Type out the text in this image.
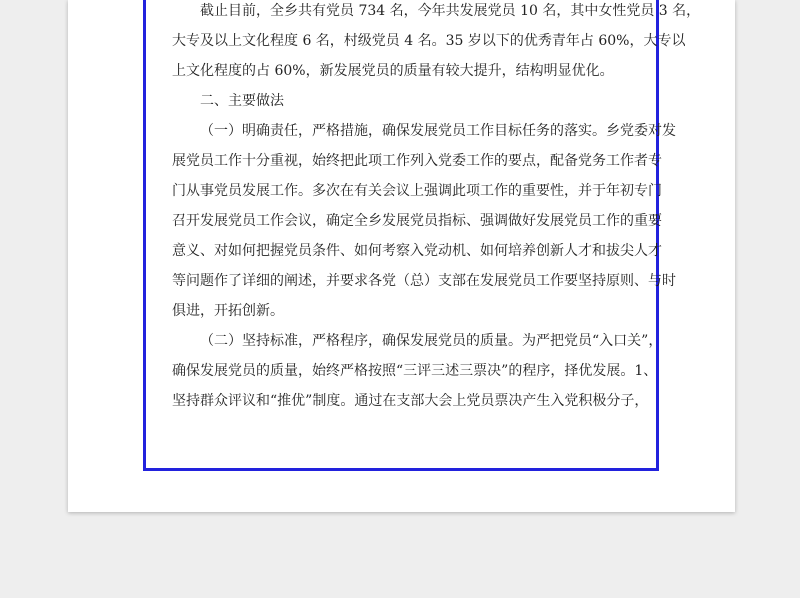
截止目前，全乡共有党员 734 名，今年共发展党员 10 名，其中女性党员 3 名，
大专及以上文化程度 6 名，村级党员 4 名。35 岁以下的优秀青年占 60%，大专以
上文化程度的占 60%，新发展党员的质量有较大提升，结构明显优化。
二、主要做法
（一）明确责任，严格措施，确保发展党员工作目标任务的落实。乡党委对发
展党员工作十分重视，始终把此项工作列入党委工作的要点，配备党务工作者专
门从事党员发展工作。多次在有关会议上强调此项工作的重要性，并于年初专门
召开发展党员工作会议，确定全乡发展党员指标、强调做好发展党员工作的重要
意义、对如何把握党员条件、如何考察入党动机、如何培养创新人才和拔尖人才
等问题作了详细的阐述，并要求各党（总）支部在发展党员工作要坚持原则、与时
俱进，开拓创新。
（二）坚持标准，严格程序，确保发展党员的质量。为严把党员“入口关”，
确保发展党员的质量，始终严格按照“三评三述三票决”的程序，择优发展。1、
坚持群众评议和“推优”制度。通过在支部大会上党员票决产生入党积极分子，
